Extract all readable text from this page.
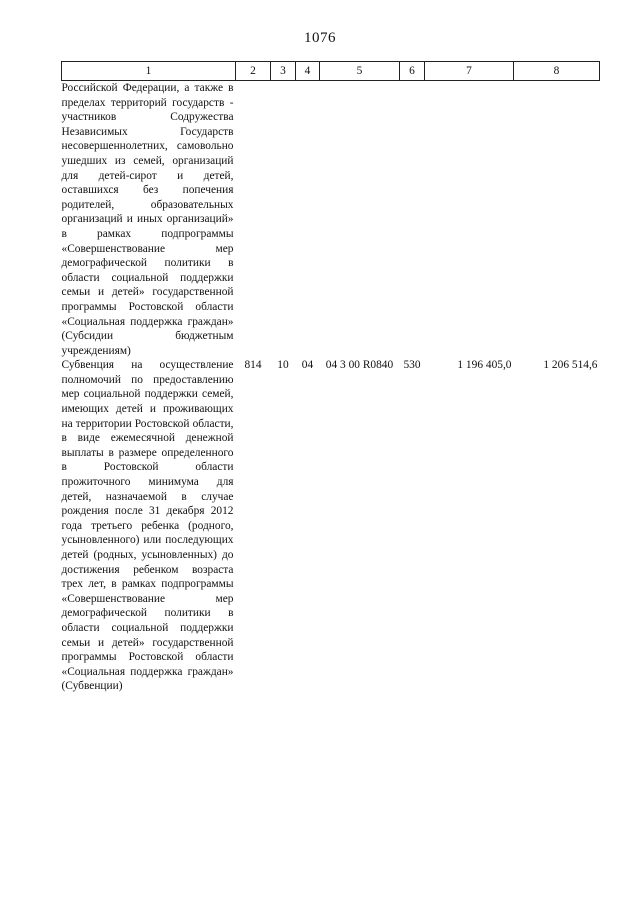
1076
1	2	3	4	5	6	7	8
Российской Федерации, а также в пределах территорий государств - участников Содружества Независимых Государств несовершеннолетних, самовольно ушедших из семей, организаций для детей-сирот и детей, оставшихся без попечения родителей, образовательных организаций и иных организаций» в рамках подпрограммы «Совершенствование мер демографической политики в области социальной поддержки семьи и детей» государственной программы Ростовской области «Социальная поддержка граждан» (Субсидии бюджетным учреждениям)							
Субвенция на осуществление полномочий по предоставлению мер социальной поддержки семей, имеющих детей и проживающих на территории Ростовской области, в виде ежемесячной денежной выплаты в размере определенного в Ростовской области прожиточного минимума для детей, назначаемой в случае рождения после 31 декабря 2012 года третьего ребенка (родного, усыновленного) или последующих детей (родных, усыновленных) до достижения ребенком возраста трех лет, в рамках подпрограммы «Совершенствование мер демографической политики в области социальной поддержки семьи и детей» государственной программы Ростовской области «Социальная поддержка граждан» (Субвенции)	814	10	04	04 3 00 R0840	530	1 196 405,0	1 206 514,6
